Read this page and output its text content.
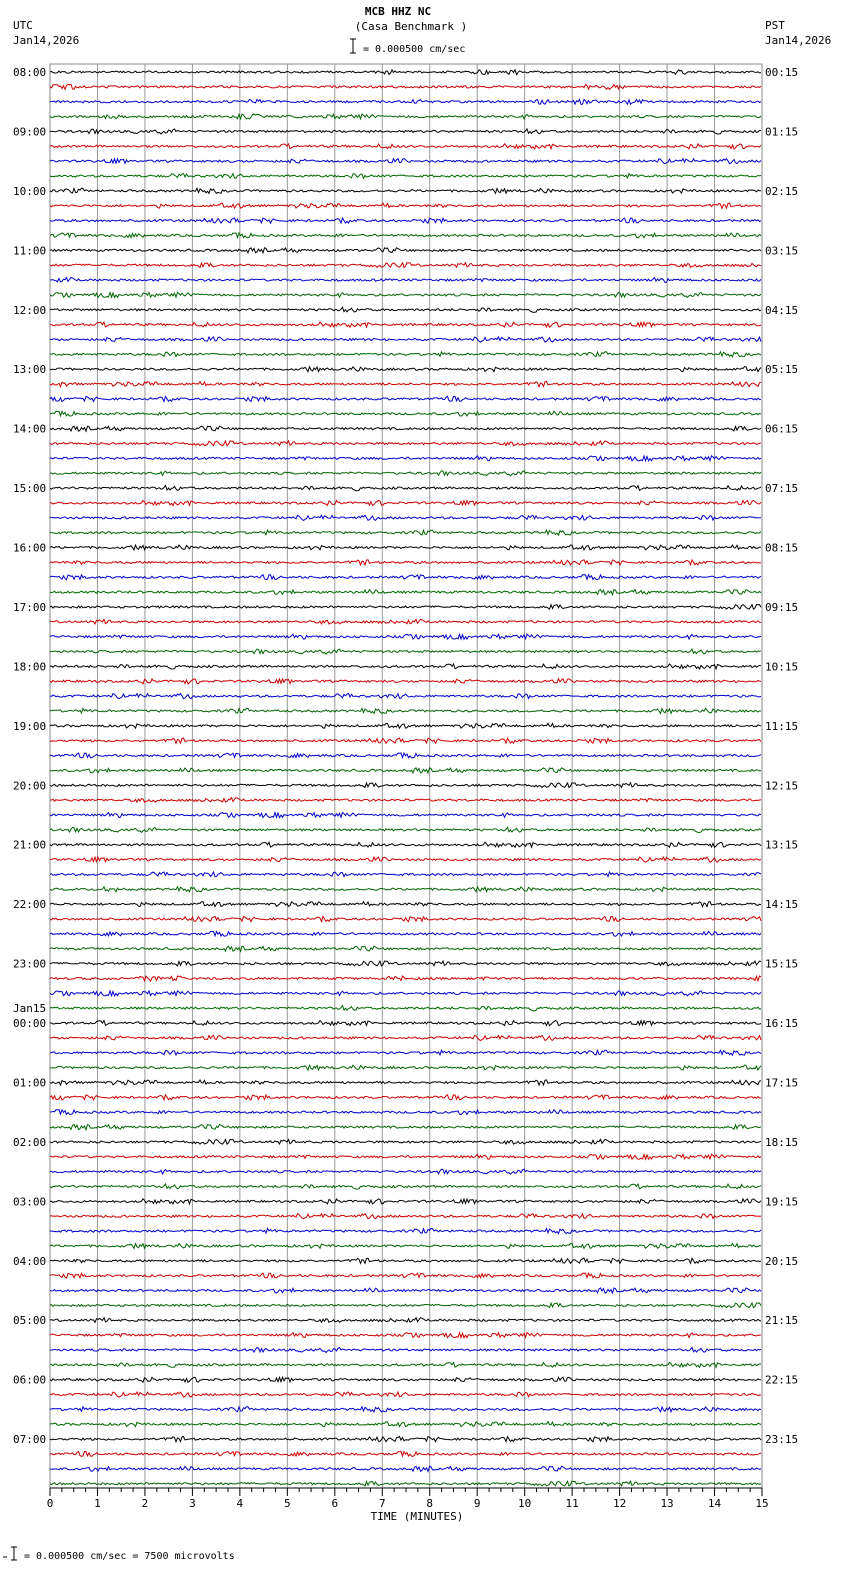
MCB HHZ NC
(Casa Benchmark )
= 0.000500 cm/sec
UTC
Jan14,2026
PST
Jan14,2026
08:00
09:00
10:00
11:00
12:00
13:00
14:00
15:00
16:00
17:00
18:00
19:00
20:00
21:00
22:00
23:00
00:00
01:00
02:00
03:00
04:00
05:00
06:00
07:00
Jan15
00:15
01:15
02:15
03:15
04:15
05:15
06:15
07:15
08:15
09:15
10:15
11:15
12:15
13:15
14:15
15:15
16:15
17:15
18:15
19:15
20:15
21:15
22:15
23:15
0	1	2	3	4	5	6	7	8	9	10	11	12	13	14	15
TIME (MINUTES)
= 0.000500 cm/sec = 7500 microvolts
